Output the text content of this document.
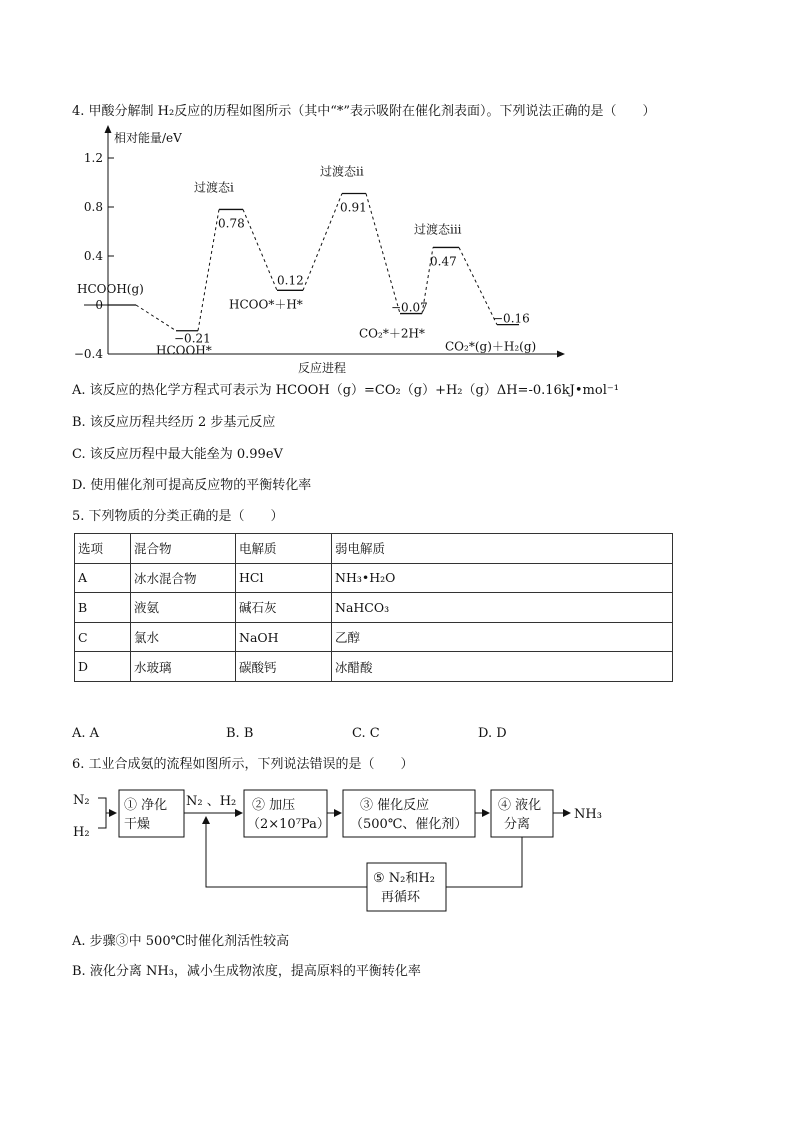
4. 甲酸分解制 H₂反应的历程如图所示（其中“*”表示吸附在催化剂表面）。下列说法正确的是（　　）
相对能量/eV
反应进程
1.2
0.8
0.4
0
−0.4
HCOOH(g)
HCOOH*
−0.21
过渡态i
0.78
HCOO*＋H*
0.12
过渡态ii
0.91
CO₂*＋2H*
−0.07
过渡态iii
0.47
CO₂*(g)＋H₂(g)
−0.16
A. 该反应的热化学方程式可表示为 HCOOH（g）=CO₂（g）+H₂（g）ΔH=-0.16kJ•mol⁻¹
B. 该反应历程共经历 2 步基元反应
C. 该反应历程中最大能垒为 0.99eV
D. 使用催化剂可提高反应物的平衡转化率
5. 下列物质的分类正确的是（　　）
选项	混合物	电解质	弱电解质
A	冰水混合物	HCl	NH₃•H₂O
B	液氨	碱石灰	NaHCO₃
C	氯水	NaOH	乙醇
D	水玻璃	碳酸钙	冰醋酸
A. A	B. B	C. C	D. D
6. 工业合成氨的流程如图所示，下列说法错误的是（　　）
N₂
H₂
① 净化
干燥
N₂ 、H₂ ② 加压
（2×10⁷Pa）
③ 催化反应
（500℃、催化剂）
④ 液化
分离
NH₃
⑤ N₂和H₂
再循环
A. 步骤③中 500℃时催化剂活性较高
B. 液化分离 NH₃，减小生成物浓度，提高原料的平衡转化率
